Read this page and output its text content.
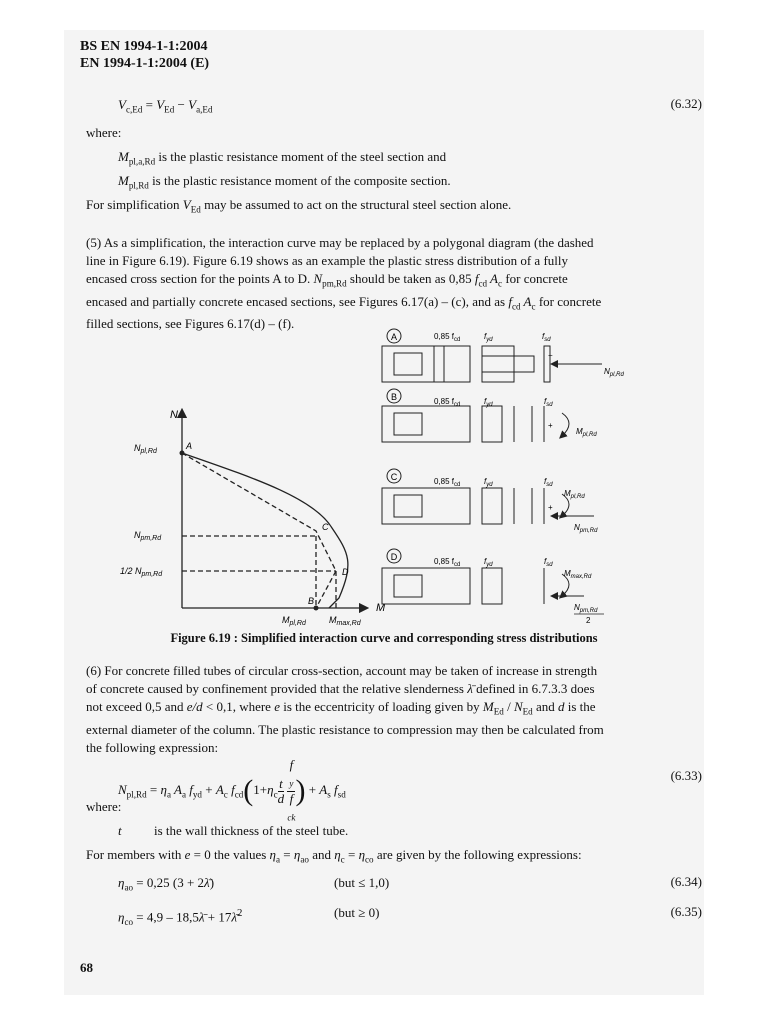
BS EN 1994-1-1:2004
EN 1994-1-1:2004 (E)
$V_{c,Ed} = V_{Ed} - V_{a,Ed}$	(6.32)
where:
$M_{pl,a,Rd}$ is the plastic resistance moment of the steel section and
$M_{pl,Rd}$ is the plastic resistance moment of the composite section.
For simplification $V_{Ed}$ may be assumed to act on the structural steel section alone.
(5) As a simplification, the interaction curve may be replaced by a polygonal diagram (the dashed
line in Figure 6.19). Figure 6.19 shows as an example the plastic stress distribution of a fully
encased cross section for the points A to D. $N_{pm,Rd}$ should be taken as 0,85 $f_{cd}$ $A_c$ for concrete
encased and partially concrete encased sections, see Figures 6.17(a) – (c), and as $f_{cd}$ $A_c$ for concrete
filled sections, see Figures 6.17(d) – (f).
N
M
$N_{pl,Rd}$
$N_{pm,Rd}$
1/2 $N_{pm,Rd}$
A
B
C
D
$M_{pl,Rd}$	$M_{max,Rd}$
A
B
C
D
0,85 $f_{cd}$	$f_{yd}$	$f_{sd}$
$N_{pl,Rd}$
0,85 $f_{cd}$	$f_{yd}$	$f_{sd}$
$M_{pl,Rd}$
0,85 $f_{cd}$	$f_{yd}$	$f_{sd}$
$M_{pl,Rd}$
$N_{pm,Rd}$
0,85 $f_{cd}$	$f_{yd}$	$f_{sd}$
$M_{max,Rd}$
$N_{pm,Rd}$
2
+
+
−
Figure 6.19 : Simplified interaction curve and corresponding stress distributions
(6) For concrete filled tubes of circular cross-section, account may be taken of increase in strength
of concrete caused by confinement provided that the relative slenderness λ̄ defined in 6.7.3.3 does
not exceed 0,5 and e/d < 0,1, where e is the eccentricity of loading given by $M_{Ed} / N_{Ed}$ and d is the
external diameter of the column. The plastic resistance to compression may then be calculated from
the following expression:
$N_{pl,Rd} = \eta_a$ $A_a$ $f_{yd} + A_c$ $f_{cd}(1+\eta_c \frac{t}{d}$
f
$_y$
f
$_{ck}$ ) + $A_s$ $f_{sd}$
(6.33)
where:
t is the wall thickness of the steel tube.
For members with e = 0 the values $\eta_a = \eta_{ao}$ and $\eta_c = \eta_{co}$ are given by the following expressions:
$\eta_{ao} = 0,25$ (3 + 2λ̄)	(but ≤ 1,0)	(6.34)
$\eta_{co} = 4,9$ – 18,5λ̄ + 17λ̄$^2$	(but ≥ 0)	(6.35)
68
